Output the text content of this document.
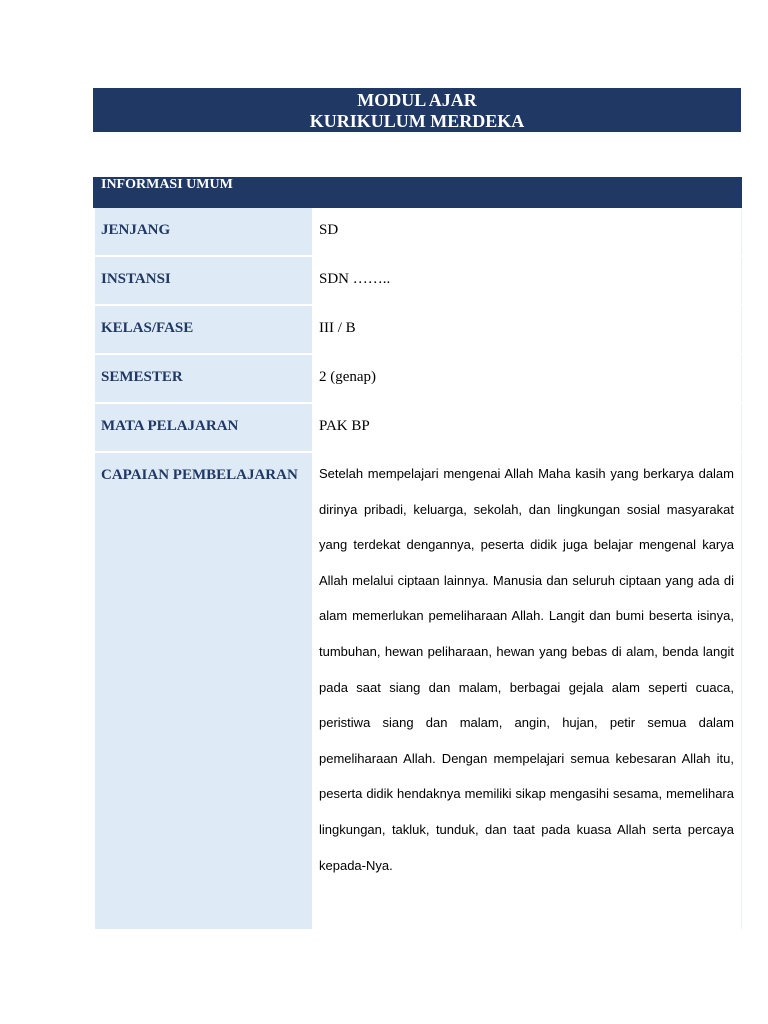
MODUL AJAR
KURIKULUM MERDEKA
INFORMASI UMUM
JENJANG	SD
INSTANSI	SDN ……..
KELAS/FASE	III / B
SEMESTER	2 (genap)
MATA PELAJARAN	PAK BP
CAPAIAN PEMBELAJARAN	Setelah mempelajari mengenai Allah Maha kasih yang berkarya dalam dirinya pribadi, keluarga, sekolah, dan lingkungan sosial masyarakat yang terdekat dengannya, peserta didik juga belajar mengenal karya Allah melalui ciptaan lainnya. Manusia dan seluruh ciptaan yang ada di alam memerlukan pemeliharaan Allah. Langit dan bumi beserta isinya, tumbuhan, hewan peliharaan, hewan yang bebas di alam, benda langit pada saat siang dan malam, berbagai gejala alam seperti cuaca, peristiwa siang dan malam, angin, hujan, petir semua dalam pemeliharaan Allah. Dengan mempelajari semua kebesaran Allah itu, peserta didik hendaknya memiliki sikap mengasihi sesama, memelihara lingkungan, takluk, tunduk, dan taat pada kuasa Allah serta percaya kepada-Nya.
